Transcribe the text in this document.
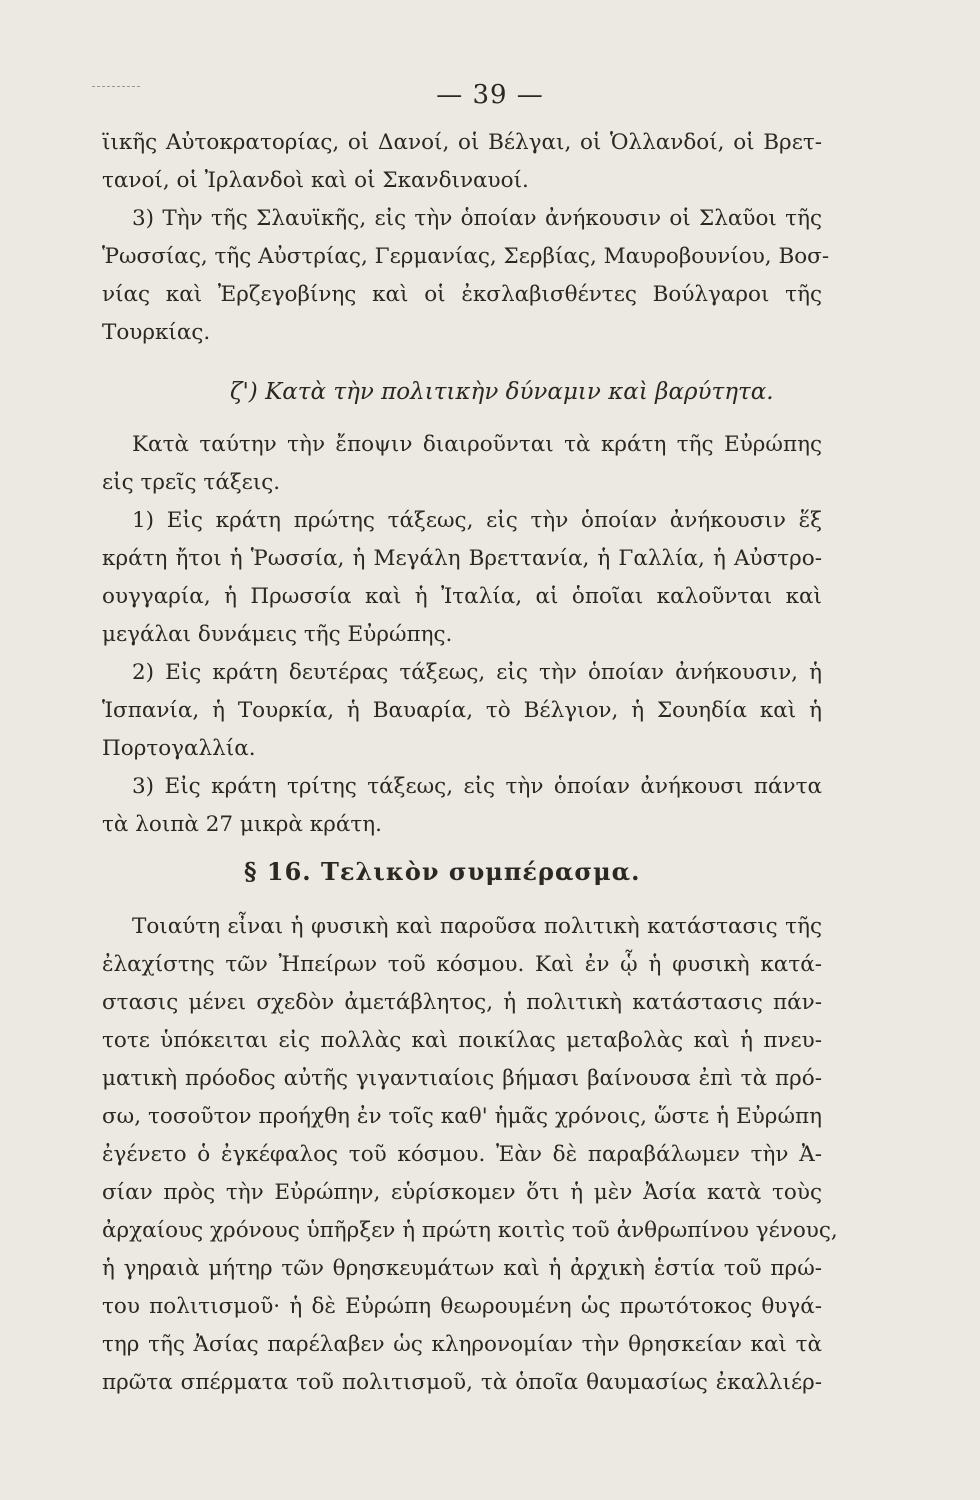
— 39 —
ϊικῆς Αὐτοκρατορίας, οἱ Δανοί, οἱ Βέλγαι, οἱ Ὁλλανδοί, οἱ Βρετ-
τανοί, οἱ Ἰρλανδοὶ καὶ οἱ Σκανδιναυοί.
3) Τὴν τῆς Σλαυϊκῆς, εἰς τὴν ὁποίαν ἀνήκουσιν οἱ Σλαῦοι τῆς
Ῥωσσίας, τῆς Αὐστρίας, Γερμανίας, Σερβίας, Μαυροβουνίου, Βοσ-
νίας καὶ Ἐρζεγοβίνης καὶ οἱ ἐκσλαβισθέντες Βούλγαροι τῆς
Τουρκίας.
ζ') Κατὰ τὴν πολιτικὴν δύναμιν καὶ βαρύτητα.
Κατὰ ταύτην τὴν ἔποψιν διαιροῦνται τὰ κράτη τῆς Εὐρώπης
εἰς τρεῖς τάξεις.
1) Εἰς κράτη πρώτης τάξεως, εἰς τὴν ὁποίαν ἀνήκουσιν ἕξ
κράτη ἤτοι ἡ Ῥωσσία, ἡ Μεγάλη Βρεττανία, ἡ Γαλλία, ἡ Αὐστρο-
ουγγαρία, ἡ Πρωσσία καὶ ἡ Ἰταλία, αἱ ὁποῖαι καλοῦνται καὶ
μεγάλαι δυνάμεις τῆς Εὐρώπης.
2) Εἰς κράτη δευτέρας τάξεως, εἰς τὴν ὁποίαν ἀνήκουσιν, ἡ
Ἱσπανία, ἡ Τουρκία, ἡ Βαυαρία, τὸ Βέλγιον, ἡ Σουηδία καὶ ἡ
Πορτογαλλία.
3) Εἰς κράτη τρίτης τάξεως, εἰς τὴν ὁποίαν ἀνήκουσι πάντα
τὰ λοιπὰ 27 μικρὰ κράτη.
§ 16. Τελικὸν συμπέρασμα.
Τοιαύτη εἶναι ἡ φυσικὴ καὶ παροῦσα πολιτικὴ κατάστασις τῆς
ἐλαχίστης τῶν Ἠπείρων τοῦ κόσμου. Καὶ ἐν ᾧ ἡ φυσικὴ κατά-
στασις μένει σχεδὸν ἀμετάβλητος, ἡ πολιτικὴ κατάστασις πάν-
τοτε ὑπόκειται εἰς πολλὰς καὶ ποικίλας μεταβολὰς καὶ ἡ πνευ-
ματικὴ πρόοδος αὐτῆς γιγαντιαίοις βήμασι βαίνουσα ἐπὶ τὰ πρό-
σω, τοσοῦτον προήχθη ἐν τοῖς καθ' ἡμᾶς χρόνοις, ὥστε ἡ Εὐρώπη
ἐγένετο ὁ ἐγκέφαλος τοῦ κόσμου. Ἐὰν δὲ παραβάλωμεν τὴν Ἀ-
σίαν πρὸς τὴν Εὐρώπην, εὑρίσκομεν ὅτι ἡ μὲν Ἀσία κατὰ τοὺς
ἀρχαίους χρόνους ὑπῆρξεν ἡ πρώτη κοιτὶς τοῦ ἀνθρωπίνου γένους,
ἡ γηραιὰ μήτηρ τῶν θρησκευμάτων καὶ ἡ ἀρχικὴ ἑστία τοῦ πρώ-
του πολιτισμοῦ· ἡ δὲ Εὐρώπη θεωρουμένη ὡς πρωτότοκος θυγά-
τηρ τῆς Ἀσίας παρέλαβεν ὡς κληρονομίαν τὴν θρησκείαν καὶ τὰ
πρῶτα σπέρματα τοῦ πολιτισμοῦ, τὰ ὁποῖα θαυμασίως ἐκαλλιέρ-
